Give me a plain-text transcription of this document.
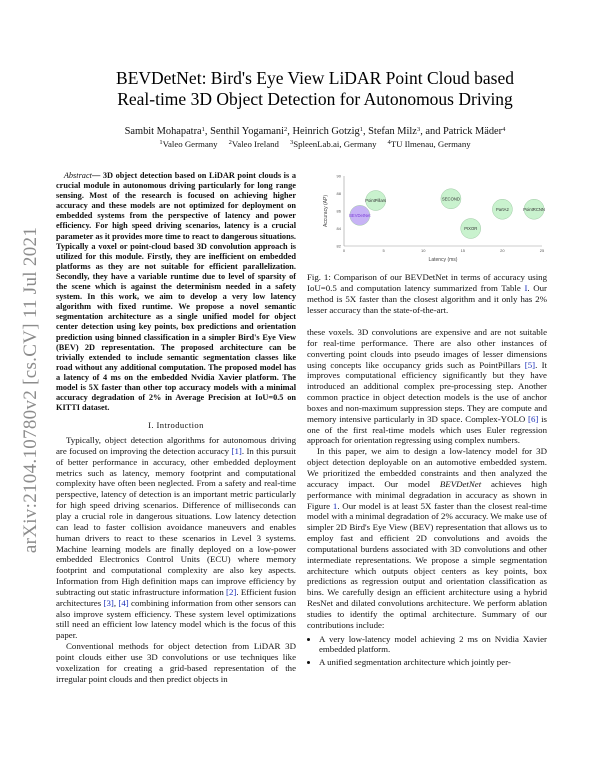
arXiv:2104.10780v2 [cs.CV] 11 Jul 2021
BEVDetNet: Bird's Eye View LiDAR Point Cloud based
Real-time 3D Object Detection for Autonomous Driving
Sambit Mohapatra$^1$, Senthil Yogamani$^2$, Heinrich Gotzig$^1$, Stefan Milz$^3$, and Patrick Mäder$^4$
$^1$Valeo Germany $^2$Valeo Ireland $^3$SpleenLab.ai, Germany $^4$TU Ilmenau, Germany

Abstract— 3D object detection based on LiDAR point clouds is a crucial module in autonomous driving particularly for long range sensing. Most of the research is focused on achieving higher accuracy and these models are not optimized for deployment on embedded systems from the perspective of latency and power efficiency. For high speed driving scenarios, latency is a crucial parameter as it provides more time to react to dangerous situations. Typically a voxel or point-cloud based 3D convolution approach is utilized for this module. Firstly, they are inefficient on embedded platforms as they are not suitable for efficient parallelization. Secondly, they have a variable runtime due to level of sparsity of the scene which is against the determinism needed in a safety system. In this work, we aim to develop a very low latency algorithm with fixed runtime. We propose a novel semantic segmentation architecture as a single unified model for object center detection using key points, box predictions and orientation prediction using binned classification in a simpler Bird's Eye View (BEV) 2D representation. The proposed architecture can be trivially extended to include semantic segmentation classes like road without any additional computation. The proposed model has a latency of 4 ms on the embedded Nvidia Xavier platform. The model is 5X faster than other top accuracy models with a minimal accuracy degradation of 2% in Average Precision at IoU=0.5 on KITTI dataset.

I. Introduction

Typically, object detection algorithms for autonomous driving are focused on improving the detection accuracy [1]. In this pursuit of better performance in accuracy, other embedded deployment metrics such as latency, memory footprint and computational complexity have often been neglected. From a safety and real-time perspective, latency of detection is an important metric particularly for high speed driving scenarios. Difference of milliseconds can play a crucial role in dangerous situations. Low latency detection can lead to faster collision avoidance maneuvers and enables human drivers to react to these scenarios in Level 3 systems. Machine learning models are finally deployed on a low-power embedded Electronics Control Units (ECU) where memory footprint and computational complexity are also key aspects. Information from High definition maps can improve efficiency by subtracting out static infrastructure information [2]. Efficient fusion architectures [3], [4] combining information from other sensors can also improve system efficiency. These system level optimizations still need an efficient low latency model which is the focus of this paper.

Conventional methods for object detection from LiDAR 3D point clouds either use 3D convolutions or use techniques like voxelization for creating a grid-based representation of the irregular point clouds and then predict objects in

Accuracy (AP)
Latency (ms)
0	5	10	15	20	25
82
84
86
88
90
BEVDetNet
PointPillars	SECOND
PIXOR
PartA2	PointRCNN
Fig. 1: Comparison of our BEVDetNet in terms of accuracy using IoU=0.5 and computation latency summarized from Table I. Our method is 5X faster than the closest algorithm and it only has 2% lesser accuracy than the state-of-the-art.

these voxels. 3D convolutions are expensive and are not suitable for real-time performance. There are also other instances of converting point clouds into pseudo images of lesser dimensions using concepts like occupancy grids such as PointPillars [5]. It improves computational efficiency significantly but they have introduced an additional complex pre-processing step. Another common practice in object detection models is the use of anchor boxes and non-maximum suppression steps. They are compute and memory intensive particularly in 3D space. Complex-YOLO [6] is one of the first real-time models which uses Euler regression approach for orientation regressing using complex numbers.

In this paper, we aim to design a low-latency model for 3D object detection deployable on an automotive embedded system. We prioritized the embedded constraints and then analyzed the accuracy impact. Our model BEVDetNet achieves high performance with minimal degradation in accuracy as shown in Figure 1. Our model is at least 5X faster than the closest real-time model with a minimal degradation of 2% accuracy. We make use of simpler 2D Bird's Eye View (BEV) representation that allows us to employ fast and efficient 2D convolutions and avoids the computational burdens associated with 3D convolutions and other intermediate representations. We propose a simple segmentation architecture which outputs object centers as key points, box predictions as regression output and orientation classification as bins. We carefully design an efficient architecture using a hybrid ResNet and dilated convolutions architecture. We perform ablation studies to identify the optimal architecture. Summary of our contributions include:

• A very low-latency model achieving 2 ms on Nvidia Xavier embedded platform.
• A unified segmentation architecture which jointly per-
